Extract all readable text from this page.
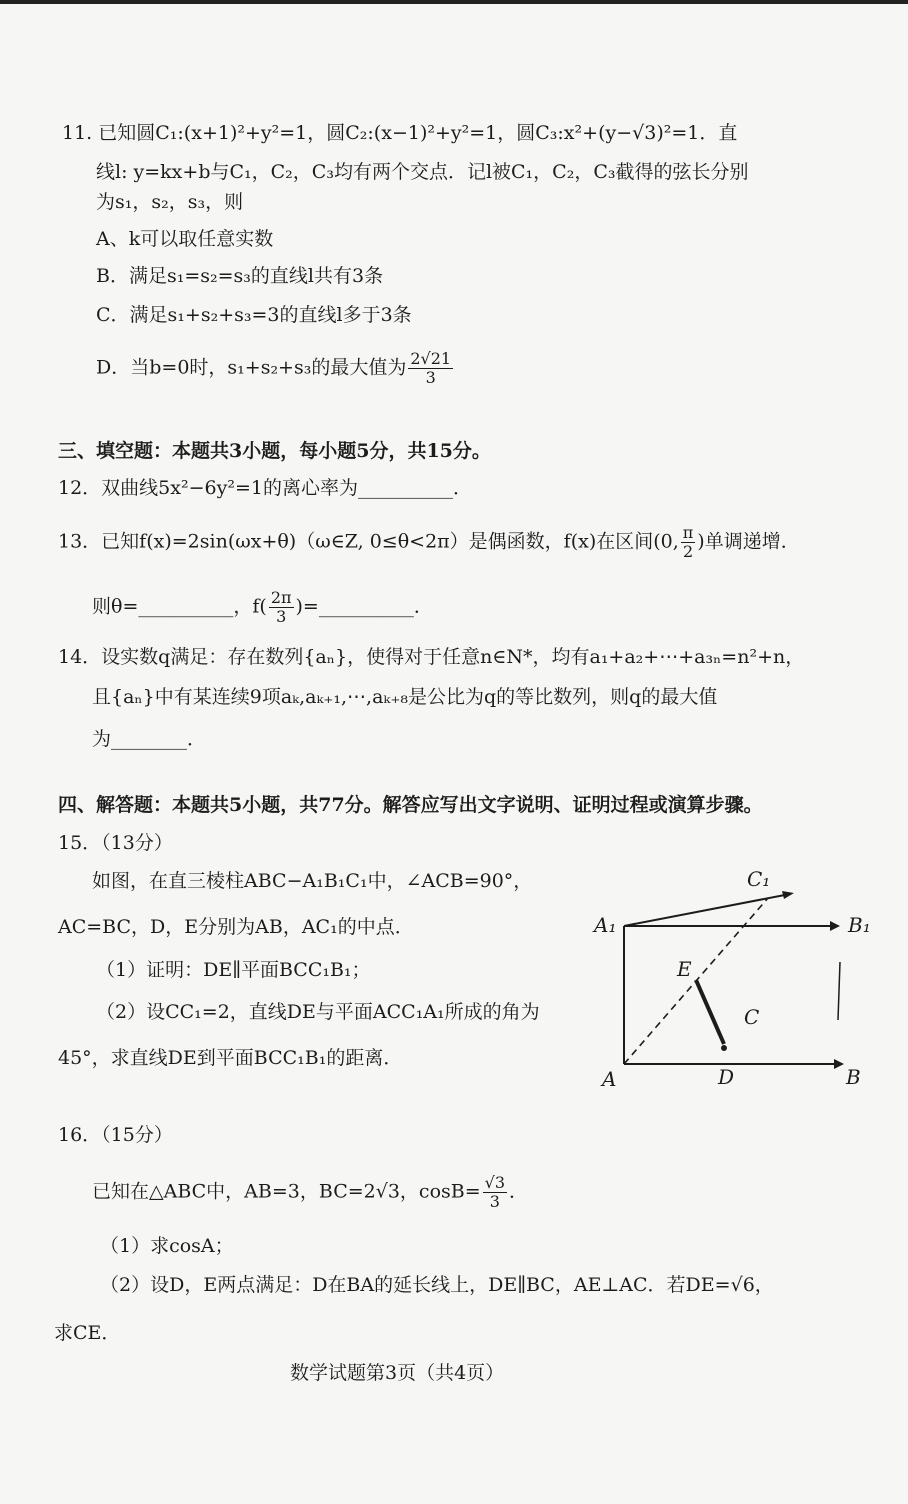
11. 已知圆C₁:(x+1)²+y²=1，圆C₂:(x−1)²+y²=1，圆C₃:x²+(y−√3)²=1．直
线l: y=kx+b与C₁，C₂，C₃均有两个交点．记l被C₁，C₂，C₃截得的弦长分别
为s₁，s₂，s₃，则
A、k可以取任意实数
B．满足s₁=s₂=s₃的直线l共有3条
C．满足s₁+s₂+s₃=3的直线l多于3条
D．当b=0时，s₁+s₂+s₃的最大值为 $\frac{2√21}{3}$
三、填空题：本题共3小题，每小题5分，共15分。
12．双曲线5x²−6y²=1的离心率为__________．
13．已知f(x)=2sin(ωx+θ)（ω∈Z, 0≤θ<2π）是偶函数，f(x)在区间(0, $\frac{\pi}{2}$ )单调递增．
则θ=__________，$f( \frac{2\pi}{3}$ )=__________．
14．设实数q满足：存在数列{aₙ}，使得对于任意n∈N*，均有a₁+a₂+⋯+a₃ₙ=n²+n，
且{aₙ}中有某连续9项aₖ,aₖ₊₁,⋯,aₖ₊₈是公比为q的等比数列，则q的最大值
为________．
四、解答题：本题共5小题，共77分。解答应写出文字说明、证明过程或演算步骤。
15．（13分）
如图，在直三棱柱ABC−A₁B₁C₁中，∠ACB=90°，
AC=BC，D，E分别为AB，AC₁的中点．
（1）证明：DE∥平面BCC₁B₁；
（2）设CC₁=2，直线DE与平面ACC₁A₁所成的角为
45°，求直线DE到平面BCC₁B₁的距离．
C₁
A₁	B₁
E
C
A	D	B
16．（15分）
已知在△ABC中，AB=3，BC=2√3，$\cos B= \frac{√3}{3}$ ．
（1）求cosA；
（2）设D，E两点满足：D在BA的延长线上，DE∥BC，AE⊥AC．若DE=√6，
求CE．
数学试题第3页（共4页）
